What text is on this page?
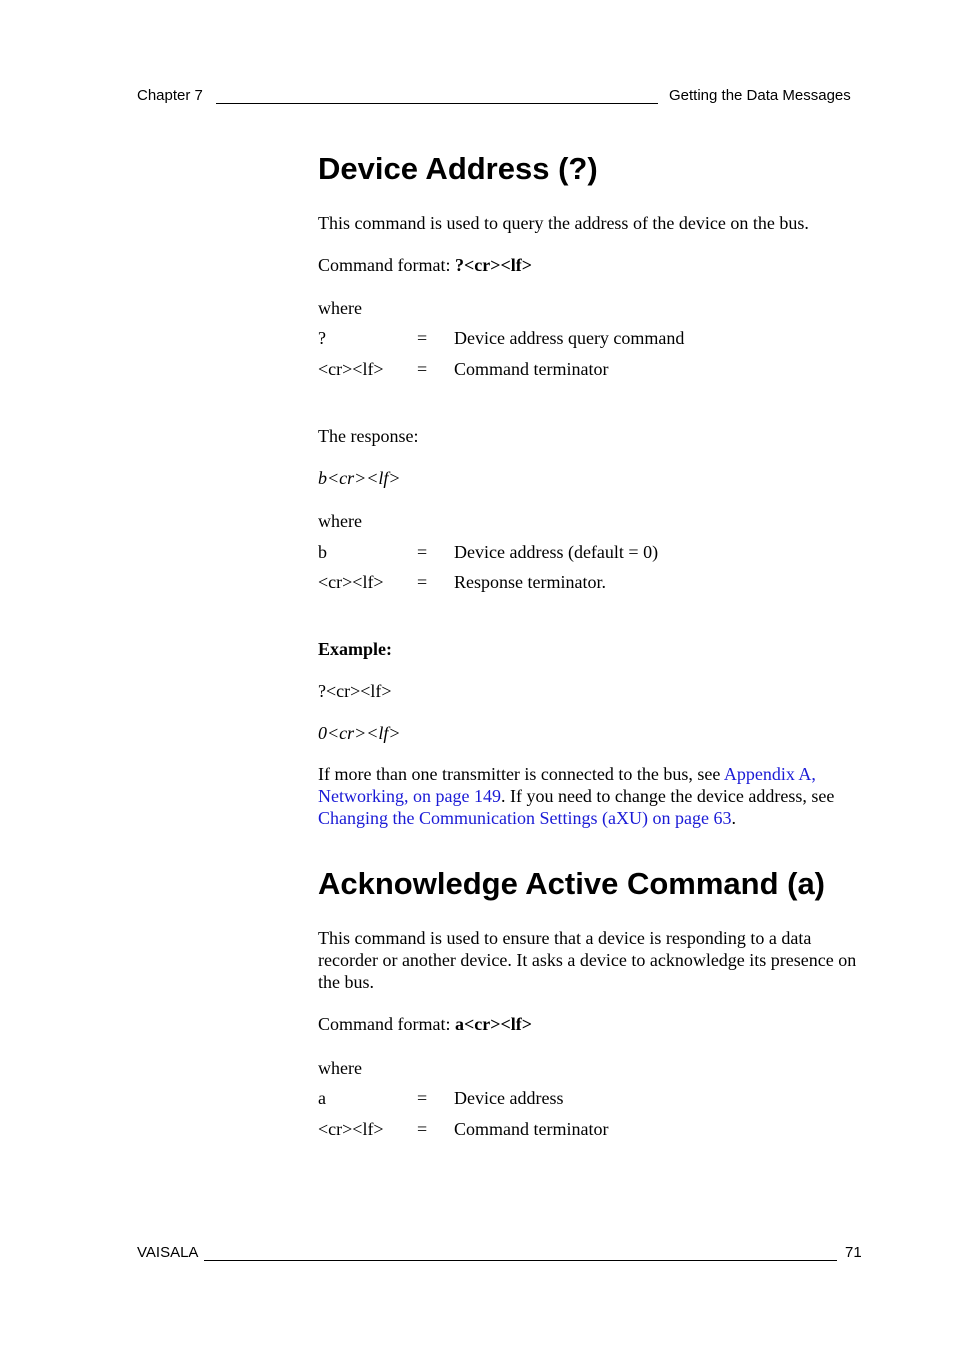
Chapter 7	Getting the Data Messages
Device Address (?)
This command is used to query the address of the device on the bus.
Command format: ?<cr><lf>
where
?	= Device address query command
<cr><lf> = Command terminator
The response:
b<cr><lf>
where
b	= Device address (default = 0)
<cr><lf> = Response terminator.
Example:
?<cr><lf>
0<cr><lf>
If more than one transmitter is connected to the bus, see Appendix A, Networking, on page 149. If you need to change the device address, see Changing the Communication Settings (aXU) on page 63.
Acknowledge Active Command (a)
This command is used to ensure that a device is responding to a data recorder or another device. It asks a device to acknowledge its presence on the bus.
Command format: a<cr><lf>
where
a	= Device address
<cr><lf> = Command terminator
VAISALA	71
